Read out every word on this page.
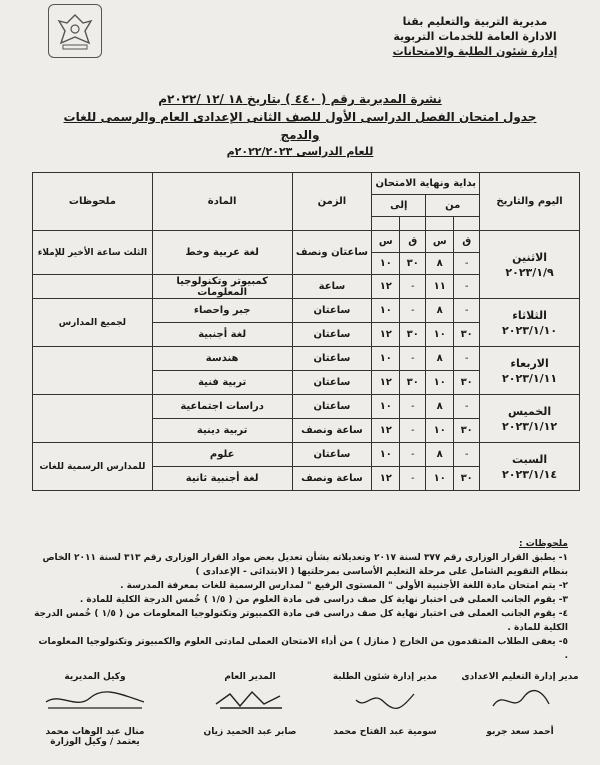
مديرية التربية والتعليم بقنا
الادارة العامة للخدمات التربوية
إدارة شئون الطلبة والامتحانات
نشرة المديرية رقم ( ٤٤٠ ) بتاريخ ١٨ /١٢ /٢٠٢٢م
جدول امتحان الفصل الدراسى الأول للصف الثانى الإعدادى العام والرسمى للغات والدمج
للعام الدراسى ٢٠٢٢/٢٠٢٣م
اليوم والتاريخ	بداية ونهاية الامتحان				الزمن	المادة	ملحوظات
	من		إلى				

الاثنين
٢٠٢٣/١/٩	ق	س	ق	س	ساعتان ونصف	لغة عربية وخط	الثلث ساعة الأخير للإملاء
	-	٨	٣٠	١٠			
	-	١١	-	١٢	ساعة	كمبيوتر وتكنولوجيا المعلومات	

الثلاثاء
٢٠٢٣/١/١٠	-	٨	-	١٠	ساعتان	جبر واحصاء	لجميع المدارس
	٣٠	١٠	٣٠	١٢	ساعتان	لغة أجنبية	

الاربعاء
٢٠٢٣/١/١١	-	٨	-	١٠	ساعتان	هندسة	
	٣٠	١٠	٣٠	١٢	ساعتان	تربية فنية	

الخميس
٢٠٢٣/١/١٢	-	٨	-	١٠	ساعتان	دراسات اجتماعية	
	٣٠	١٠	-	١٢	ساعة ونصف	تربية دينية	

السبت
٢٠٢٣/١/١٤	-	٨	-	١٠	ساعتان	علوم	للمدارس الرسمية للغات
	٣٠	١٠	-	١٢	ساعة ونصف	لغة أجنبية ثانية	
ملحوظات :
١- يطبق القرار الوزارى رقم ٣٧٧ لسنة ٢٠١٧ وتعديلاته بشأن تعديل بعض مواد القرار الوزارى رقم ٣١٣ لسنة ٢٠١١ الخاص بنظام التقويم الشامل على مرحلة التعليم الأساسى بمرحلتيها ( الابتدائى - الإعدادى )
٢- يتم امتحان مادة اللغة الأجنبية الأولى " المستوى الرفيع " لمدارس الرسمية للغات بمعرفة المدرسة .
٣- يقوم الجانب العملى فى اختبار نهاية كل صف دراسى فى مادة العلوم من ( ١/٥ ) خُمس الدرجة الكلية للمادة .
٤- يقوم الجانب العملى فى اختبار نهاية كل صف دراسى فى مادة الكمبيوتر وتكنولوجيا المعلومات من ( ١/٥ ) خُمس الدرجة الكلية للمادة .
٥- يعفى الطلاب المتقدمون من الخارج ( منازل ) من أداء الامتحان العملى لمادتى العلوم والكمبيوتر وتكنولوجيا المعلومات .
مدير إدارة التعليم الاعدادى
أحمد سعد جربو
مدير إدارة شئون الطلبة
سومية عبد الفتاح محمد
المدير العام
صابر عبد الحميد زيان
وكيل المديرية
منال عبد الوهاب محمد
يعتمد / وكيل الوزارة
